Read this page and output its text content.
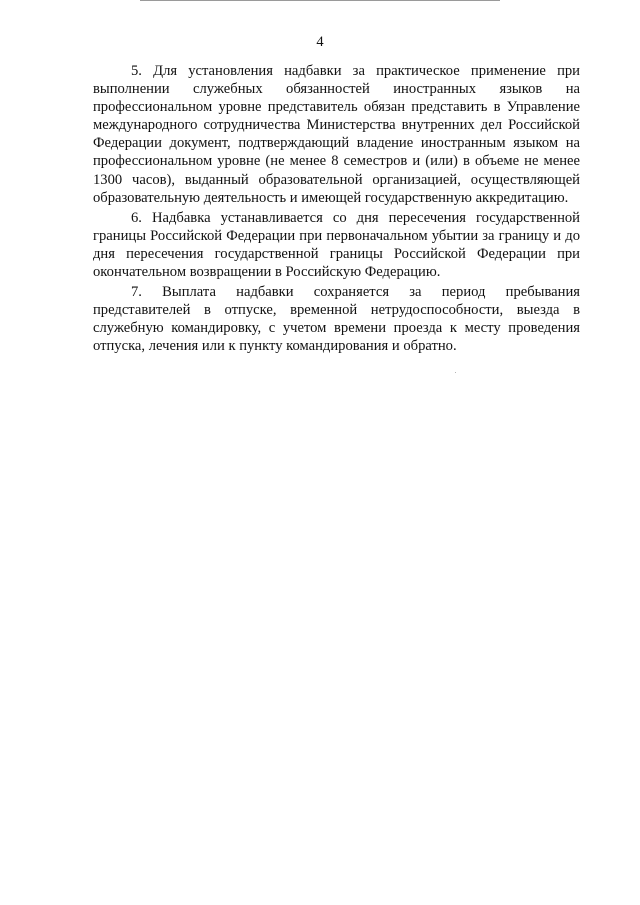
4

5. Для установления надбавки за практическое применение при выполнении служебных обязанностей иностранных языков на профессиональном уровне представитель обязан представить в Управление международного сотрудничества Министерства внутренних дел Российской Федерации документ, подтверждающий владение иностранным языком на профессиональном уровне (не менее 8 семестров и (или) в объеме не менее 1300 часов), выданный образовательной организацией, осуществляющей образовательную деятельность и имеющей государственную аккредитацию.

6. Надбавка устанавливается со дня пересечения государственной границы Российской Федерации при первоначальном убытии за границу и до дня пересечения государственной границы Российской Федерации при окончательном возвращении в Российскую Федерацию.

7. Выплата надбавки сохраняется за период пребывания представителей в отпуске, временной нетрудоспособности, выезда в служебную командировку, с учетом времени проезда к месту проведения отпуска, лечения или к пункту командирования и обратно.
